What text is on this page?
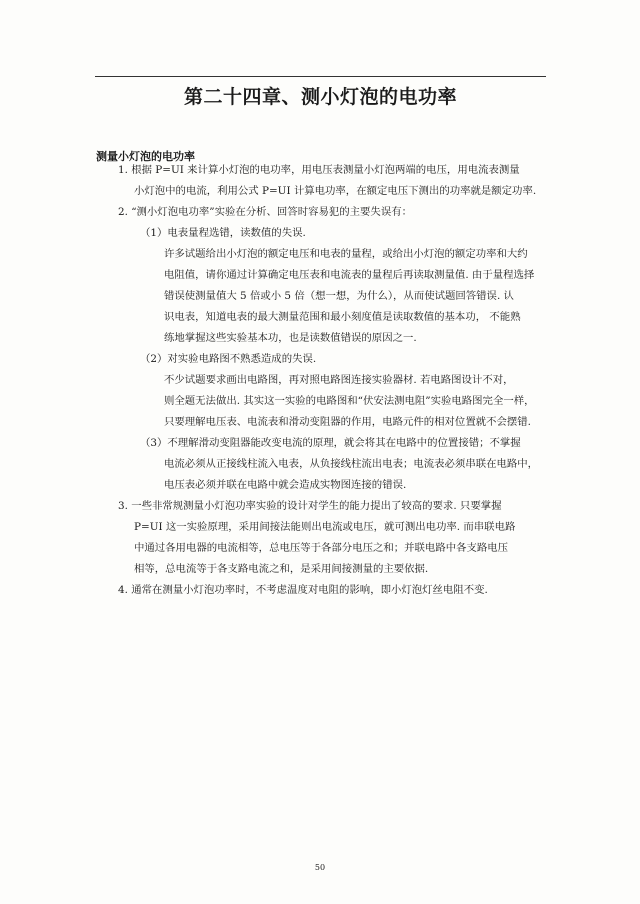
第二十四章、测小灯泡的电功率
测量小灯泡的电功率
1. 根据 P=UI 来计算小灯泡的电功率，用电压表测量小灯泡两端的电压，用电流表测量
小灯泡中的电流，利用公式 P=UI 计算电功率，在额定电压下测出的功率就是额定功率.
2. “测小灯泡电功率”实验在分析、回答时容易犯的主要失误有：
（1）电表量程选错，读数值的失误.
许多试题给出小灯泡的额定电压和电表的量程，或给出小灯泡的额定功率和大约
电阻值，请你通过计算确定电压表和电流表的量程后再读取测量值. 由于量程选择
错误使测量值大 5 倍或小 5 倍（想一想，为什么），从而使试题回答错误. 认
识电表，知道电表的最大测量范围和最小刻度值是读取数值的基本功， 不能熟
练地掌握这些实验基本功，也是读数值错误的原因之一.
（2）对实验电路图不熟悉造成的失误.
不少试题要求画出电路图，再对照电路图连接实验器材. 若电路图设计不对，
则全题无法做出. 其实这一实验的电路图和“伏安法测电阻”实验电路图完全一样，
只要理解电压表、电流表和滑动变阻器的作用，电路元件的相对位置就不会摆错.
（3）不理解滑动变阻器能改变电流的原理，就会将其在电路中的位置接错；不掌握
电流必须从正接线柱流入电表，从负接线柱流出电表；电流表必须串联在电路中，
电压表必须并联在电路中就会造成实物图连接的错误.
3. 一些非常规测量小灯泡功率实验的设计对学生的能力提出了较高的要求. 只要掌握
P=UI 这一实验原理，采用间接法能则出电流或电压，就可测出电功率. 而串联电路
中通过各用电器的电流相等，总电压等于各部分电压之和；并联电路中各支路电压
相等，总电流等于各支路电流之和，是采用间接测量的主要依据.
4. 通常在测量小灯泡功率时，不考虑温度对电阻的影响，即小灯泡灯丝电阻不变.
50
